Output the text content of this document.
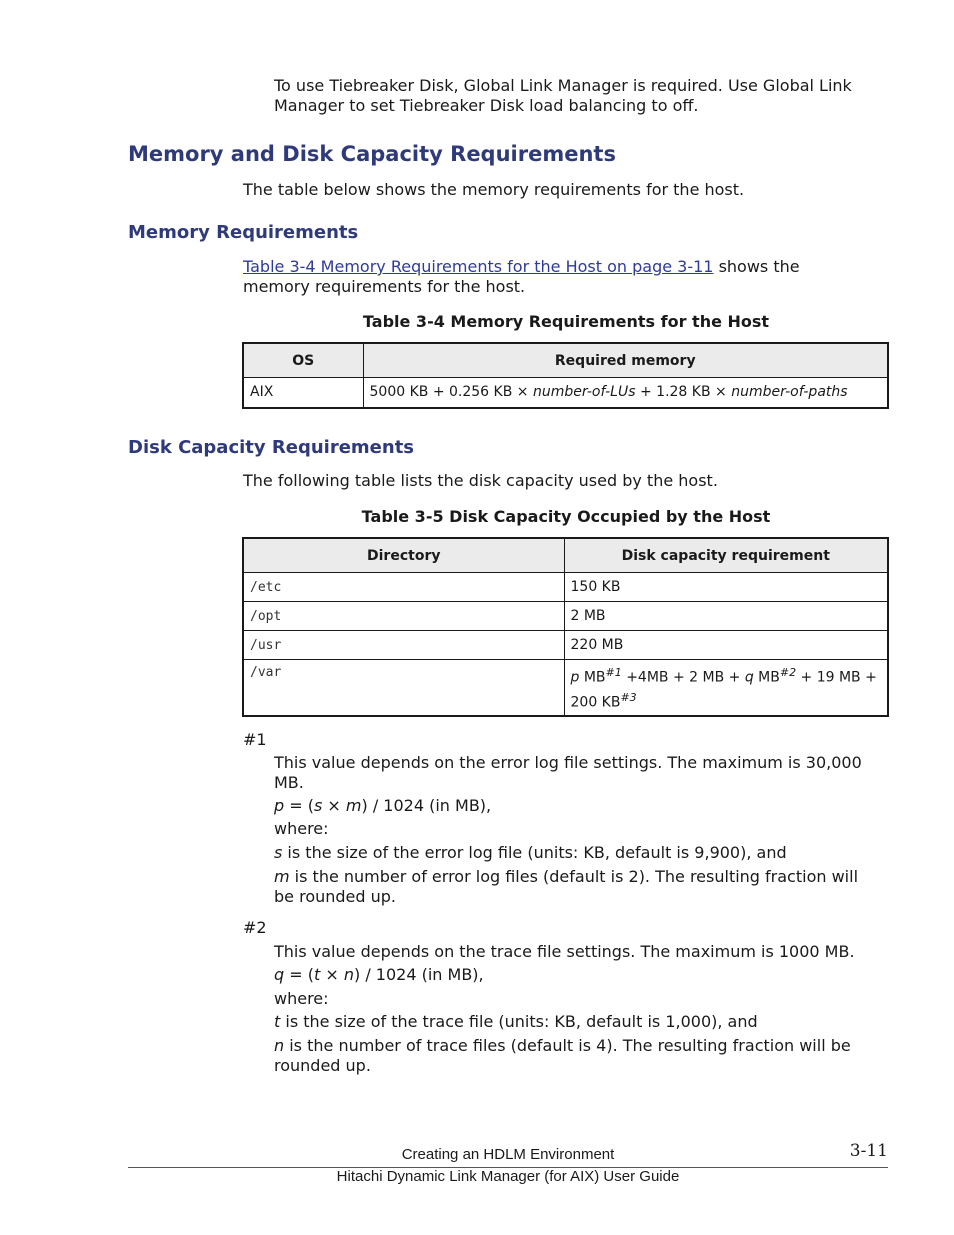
To use Tiebreaker Disk, Global Link Manager is required. Use Global Link
Manager to set Tiebreaker Disk load balancing to off.
Memory and Disk Capacity Requirements
The table below shows the memory requirements for the host.
Memory Requirements
Table 3-4 Memory Requirements for the Host on page 3-11 shows the
memory requirements for the host.
Table 3-4 Memory Requirements for the Host
OS	Required memory
AIX	5000 KB + 0.256 KB × number-of-LUs + 1.28 KB × number-of-paths
Disk Capacity Requirements
The following table lists the disk capacity used by the host.
Table 3-5 Disk Capacity Occupied by the Host
Directory	Disk capacity requirement
/etc	150 KB
/opt	2 MB
/usr	220 MB
/var	p $MB^{\#1} +4MB + 2$ MB + q $MB^{\#2} + 19$ MB +
200 KB$^{\#3}$
#1
This value depends on the error log file settings. The maximum is 30,000
MB.
p = (s × m) / 1024 (in MB),
where:
s is the size of the error log file (units: KB, default is 9,900), and
m is the number of error log files (default is 2). The resulting fraction will
be rounded up.
#2
This value depends on the trace file settings. The maximum is 1000 MB.
q = (t × n) / 1024 (in MB),
where:
t is the size of the trace file (units: KB, default is 1,000), and
n is the number of trace files (default is 4). The resulting fraction will be
rounded up.
Creating an HDLM Environment	3-11
Hitachi Dynamic Link Manager (for AIX) User Guide
